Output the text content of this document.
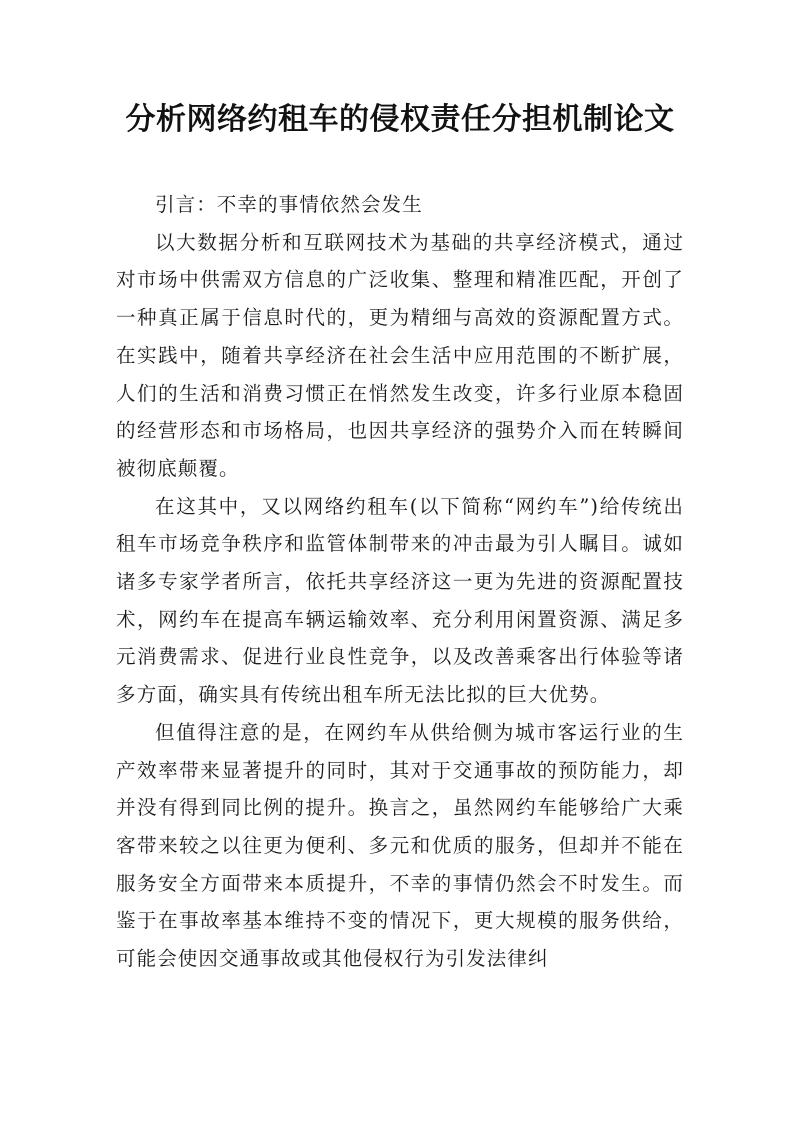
分析网络约租车的侵权责任分担机制论文

引言：不幸的事情依然会发生

以大数据分析和互联网技术为基础的共享经济模式，通过对市场中供需双方信息的广泛收集、整理和精准匹配，开创了一种真正属于信息时代的，更为精细与高效的资源配置方式。在实践中，随着共享经济在社会生活中应用范围的不断扩展，人们的生活和消费习惯正在悄然发生改变，许多行业原本稳固的经营形态和市场格局，也因共享经济的强势介入而在转瞬间被彻底颠覆。

在这其中，又以网络约租车(以下简称“网约车”)给传统出租车市场竞争秩序和监管体制带来的冲击最为引人瞩目。诚如诸多专家学者所言，依托共享经济这一更为先进的资源配置技术，网约车在提高车辆运输效率、充分利用闲置资源、满足多元消费需求、促进行业良性竞争，以及改善乘客出行体验等诸多方面，确实具有传统出租车所无法比拟的巨大优势。

但值得注意的是，在网约车从供给侧为城市客运行业的生产效率带来显著提升的同时，其对于交通事故的预防能力，却并没有得到同比例的提升。换言之，虽然网约车能够给广大乘客带来较之以往更为便利、多元和优质的服务，但却并不能在服务安全方面带来本质提升，不幸的事情仍然会不时发生。而鉴于在事故率基本维持不变的情况下，更大规模的服务供给，可能会使因交通事故或其他侵权行为引发法律纠
